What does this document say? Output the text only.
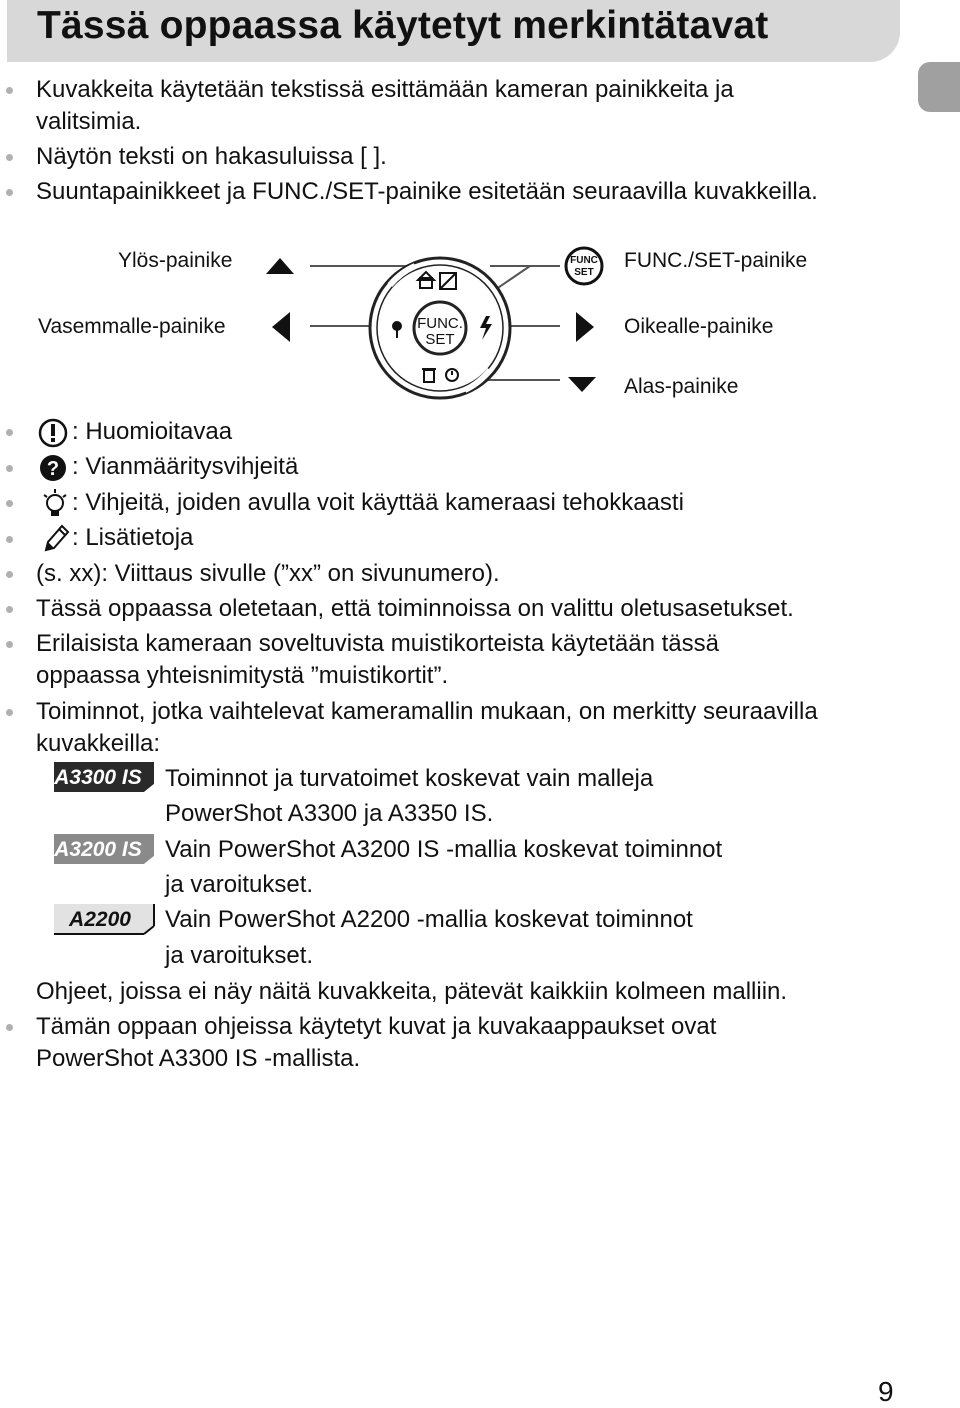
Tässä oppaassa käytetyt merkintätavat
Kuvakkeita käytetään tekstissä esittämään kameran painikkeita ja
valitsimia.
Näytön teksti on hakasuluissa [ ].
Suuntapainikkeet ja FUNC./SET-painike esitetään seuraavilla kuvakkeilla.
FUNC
SET
FUNC.
SET
Ylös-painike
Vasemmalle-painike
FUNC./SET-painike
Oikealle-painike
Alas-painike
: Huomioitavaa
? : Vianmääritysvihjeitä
: Vihjeitä, joiden avulla voit käyttää kameraasi tehokkaasti
: Lisätietoja
(s. xx): Viittaus sivulle (”xx” on sivunumero).
Tässä oppaassa oletetaan, että toiminnoissa on valittu oletusasetukset.
Erilaisista kameraan soveltuvista muistikorteista käytetään tässä
oppaassa yhteisnimitystä ”muistikortit”.
Toiminnot, jotka vaihtelevat kameramallin mukaan, on merkitty seuraavilla
kuvakkeilla:
A3300 IS Toiminnot ja turvatoimet koskevat vain malleja
PowerShot A3300 ja A3350 IS.
A3200 IS Vain PowerShot A3200 IS -mallia koskevat toiminnot
ja varoitukset.
A2200 Vain PowerShot A2200 -mallia koskevat toiminnot
ja varoitukset.
Ohjeet, joissa ei näy näitä kuvakkeita, pätevät kaikkiin kolmeen malliin.
Tämän oppaan ohjeissa käytetyt kuvat ja kuvakaappaukset ovat
PowerShot A3300 IS -mallista.
9
